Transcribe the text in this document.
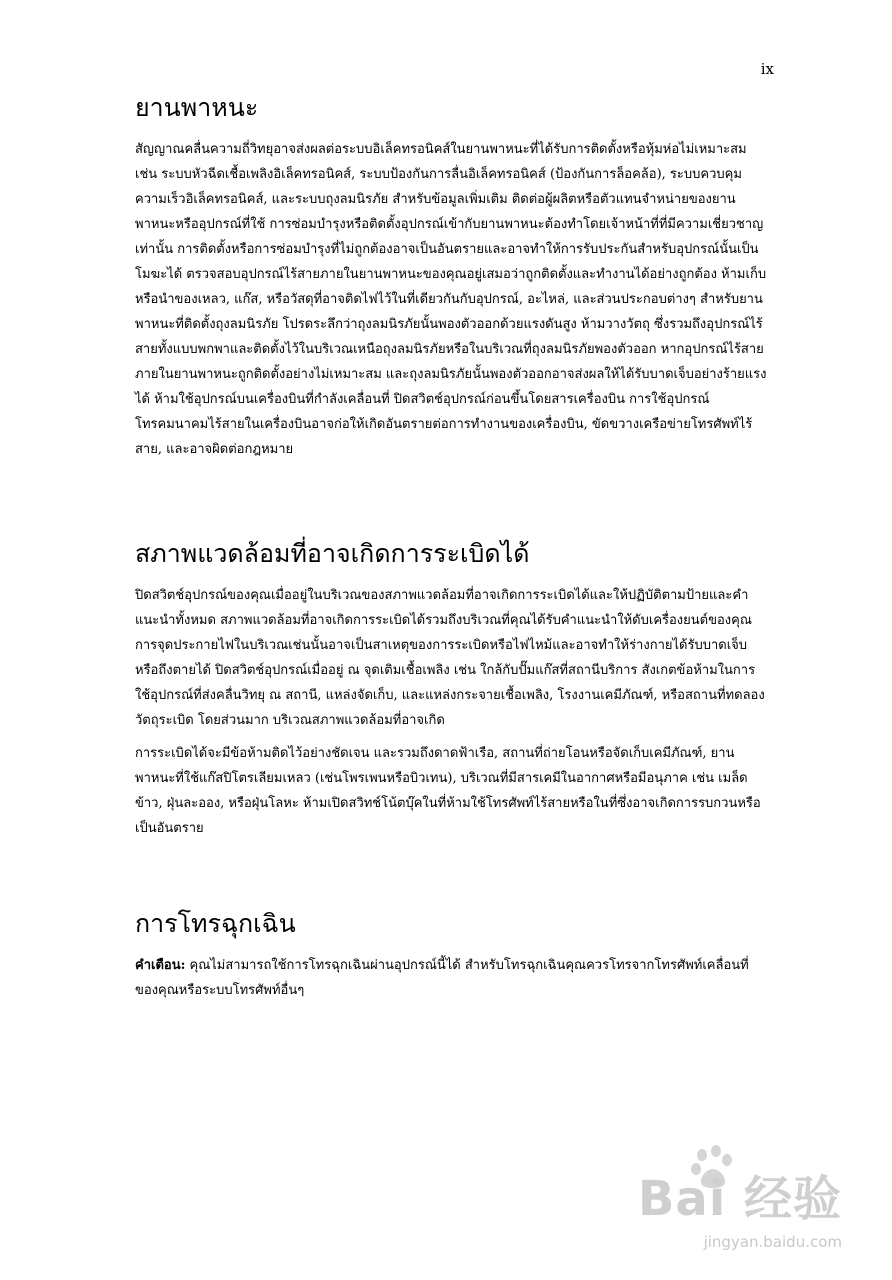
ix
ยานพาหนะ

สัญญาณคลื่นความถี่วิทยุอาจส่งผลต่อระบบอิเล็คทรอนิคส์ในยานพาหนะที่ได้รับการติดตั้งหรือหุ้มห่อไม่เหมาะสม เช่น ระบบหัวฉีดเชื้อเพลิงอิเล็คทรอนิคส์, ระบบป้องกันการลื่นอิเล็คทรอนิคส์ (ป้องกันการล็อคล้อ), ระบบควบคุมความเร็วอิเล็คทรอนิคส์, และระบบถุงลมนิรภัย สำหรับข้อมูลเพิ่มเติม ติดต่อผู้ผลิตหรือตัวแทนจำหน่ายของยานพาหนะหรืออุปกรณ์ที่ใช้ การซ่อมบำรุงหรือติดตั้งอุปกรณ์เข้ากับยานพาหนะต้องทำโดยเจ้าหน้าที่ที่มีความเชี่ยวชาญเท่านั้น การติดตั้งหรือการซ่อมบำรุงที่ไม่ถูกต้องอาจเป็นอันตรายและอาจทำให้การรับประกันสำหรับอุปกรณ์นั้นเป็นโมฆะได้ ตรวจสอบอุปกรณ์ไร้สายภายในยานพาหนะของคุณอยู่เสมอว่าถูกติดตั้งและทำงานได้อย่างถูกต้อง ห้ามเก็บหรือนำของเหลว, แก๊ส, หรือวัสดุที่อาจติดไฟไว้ในที่เดียวกันกับอุปกรณ์, อะไหล่, และส่วนประกอบต่างๆ สำหรับยานพาหนะที่ติดตั้งถุงลมนิรภัย โปรดระลึกว่าถุงลมนิรภัยนั้นพองตัวออกด้วยแรงดันสูง ห้ามวางวัตถุ ซึ่งรวมถึงอุปกรณ์ไร้สายทั้งแบบพกพาและติดตั้งไว้ในบริเวณเหนือถุงลมนิรภัยหรือในบริเวณที่ถุงลมนิรภัยพองตัวออก หากอุปกรณ์ไร้สายภายในยานพาหนะถูกติดตั้งอย่างไม่เหมาะสม และถุงลมนิรภัยนั้นพองตัวออกอาจส่งผลให้ได้รับบาดเจ็บอย่างร้ายแรงได้ ห้ามใช้อุปกรณ์บนเครื่องบินที่กำลังเคลื่อนที่ ปิดสวิตช์อุปกรณ์ก่อนขึ้นโดยสารเครื่องบิน การใช้อุปกรณ์โทรคมนาคมไร้สายในเครื่องบินอาจก่อให้เกิดอันตรายต่อการทำงานของเครื่องบิน, ขัดขวางเครือข่ายโทรศัพท์ไร้สาย, และอาจผิดต่อกฎหมาย

สภาพแวดล้อมที่อาจเกิดการระเบิดได้

ปิดสวิตช์อุปกรณ์ของคุณเมื่ออยู่ในบริเวณของสภาพแวดล้อมที่อาจเกิดการระเบิดได้และให้ปฏิบัติตามป้ายและคำแนะนำทั้งหมด สภาพแวดล้อมที่อาจเกิดการระเบิดได้รวมถึงบริเวณที่คุณได้รับคำแนะนำให้ดับเครื่องยนต์ของคุณ การจุดประกายไฟในบริเวณเช่นนั้นอาจเป็นสาเหตุของการระเบิดหรือไฟไหม้และอาจทำให้ร่างกายได้รับบาดเจ็บหรือถึงตายได้ ปิดสวิตช์อุปกรณ์เมื่ออยู่ ณ จุดเติมเชื้อเพลิง เช่น ใกล้กับปั๊มแก๊สที่สถานีบริการ สังเกตข้อห้ามในการใช้อุปกรณ์ที่ส่งคลื่นวิทยุ ณ สถานี, แหล่งจัดเก็บ, และแหล่งกระจายเชื้อเพลิง, โรงงานเคมีภัณฑ์, หรือสถานที่ทดลองวัตถุระเบิด โดยส่วนมาก บริเวณสภาพแวดล้อมที่อาจเกิด

การระเบิดได้จะมีข้อห้ามติดไว้อย่างชัดเจน และรวมถึงดาดฟ้าเรือ, สถานที่ถ่ายโอนหรือจัดเก็บเคมีภัณฑ์, ยานพาหนะที่ใช้แก๊สปิโตรเลียมเหลว (เช่นโพรเพนหรือบิวเทน), บริเวณที่มีสารเคมีในอากาศหรือมีอนุภาค เช่น เมล็ดข้าว, ฝุ่นละออง, หรือฝุ่นโลหะ ห้ามเปิดสวิทช์โน้ตบุ๊คในที่ห้ามใช้โทรศัพท์ไร้สายหรือในที่ซึ่งอาจเกิดการรบกวนหรือเป็นอันตราย

การโทรฉุกเฉิน

คำเตือน: คุณไม่สามารถใช้การโทรฉุกเฉินผ่านอุปกรณ์นี้ได้ สำหรับโทรฉุกเฉินคุณควรโทรจากโทรศัพท์เคลื่อนที่ของคุณหรือระบบโทรศัพท์อื่นๆ

Bai 经验
jingyan.baidu.com
